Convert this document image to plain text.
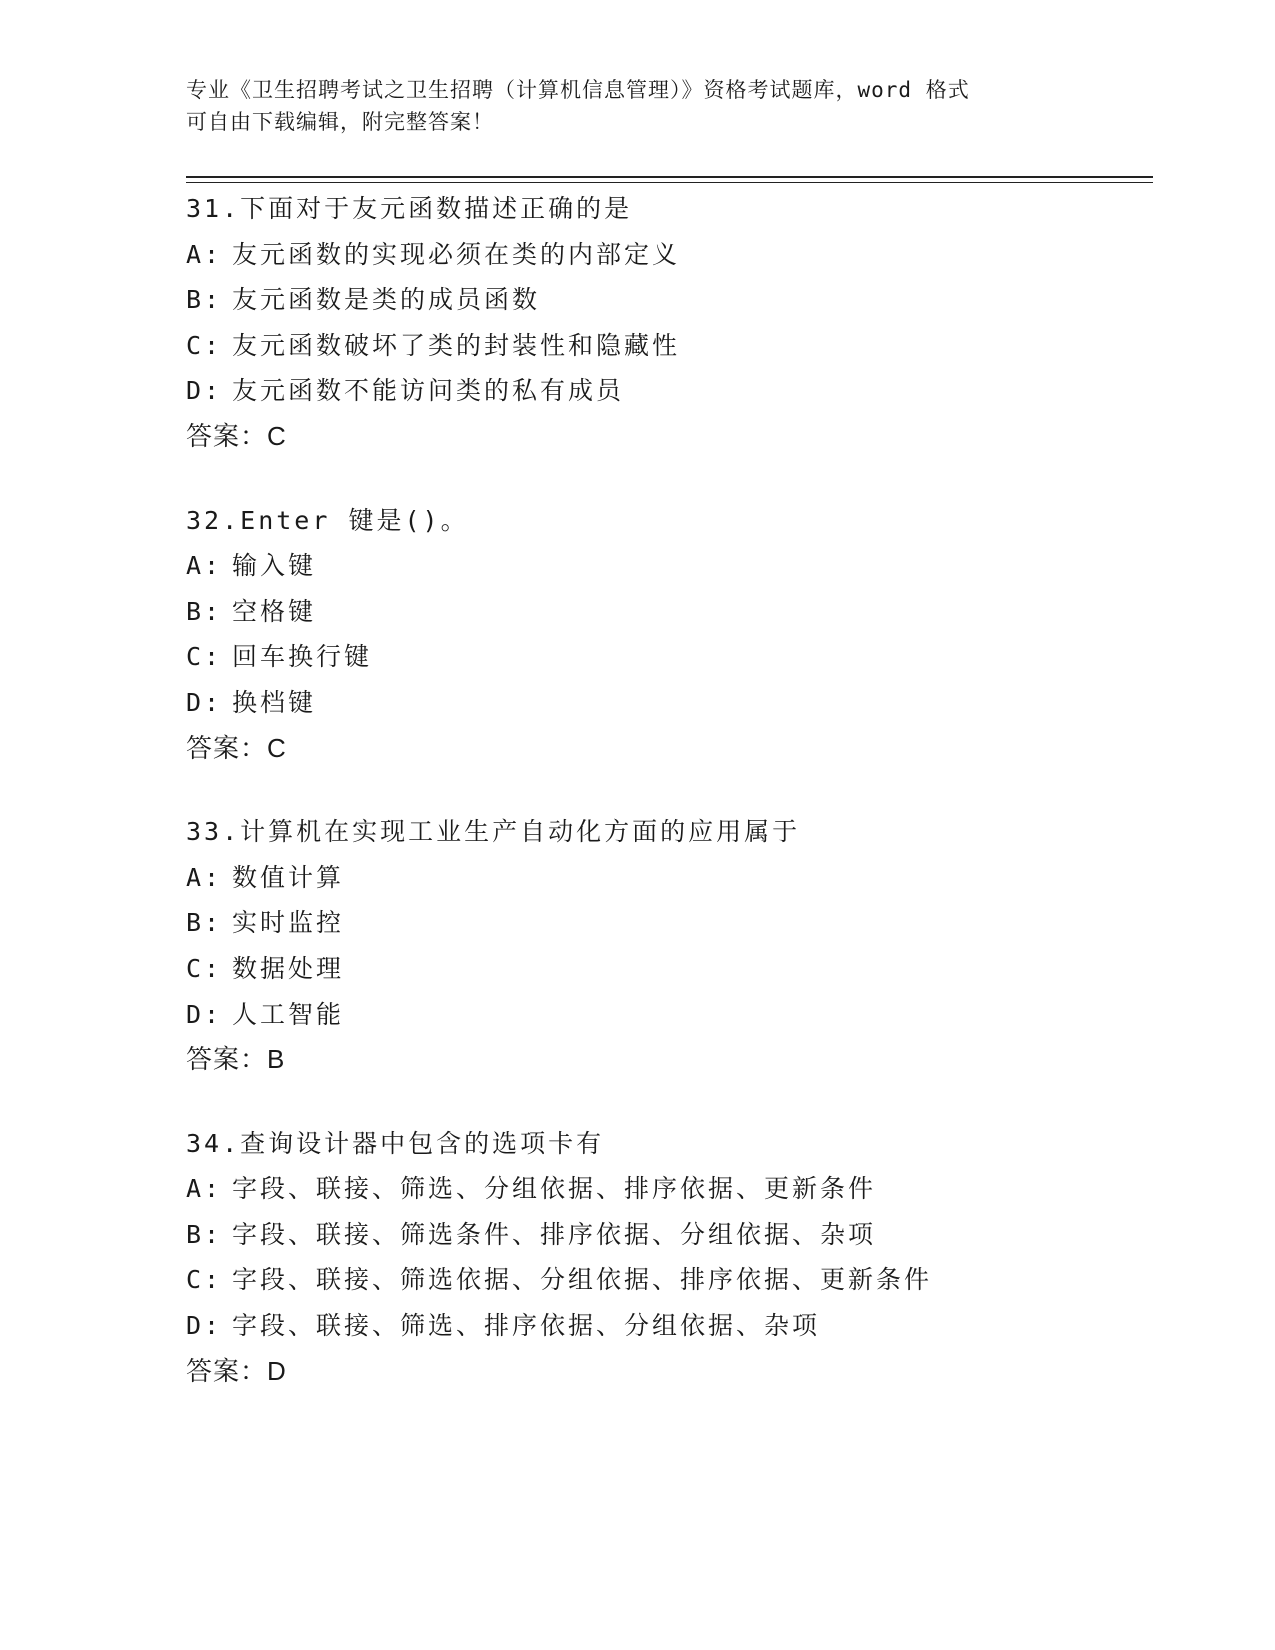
专业《卫生招聘考试之卫生招聘（计算机信息管理）》资格考试题库，word 格式

可自由下载编辑，附完整答案！

31.下面对于友元函数描述正确的是
A: 友元函数的实现必须在类的内部定义
B: 友元函数是类的成员函数
C: 友元函数破坏了类的封装性和隐藏性
D: 友元函数不能访问类的私有成员
答案：C
32.Enter 键是()。
A: 输入键
B: 空格键
C: 回车换行键
D: 换档键
答案：C
33.计算机在实现工业生产自动化方面的应用属于
A: 数值计算
B: 实时监控
C: 数据处理
D: 人工智能
答案：B
34.查询设计器中包含的选项卡有
A: 字段、联接、筛选、分组依据、排序依据、更新条件
B: 字段、联接、筛选条件、排序依据、分组依据、杂项
C: 字段、联接、筛选依据、分组依据、排序依据、更新条件
D: 字段、联接、筛选、排序依据、分组依据、杂项
答案：D
